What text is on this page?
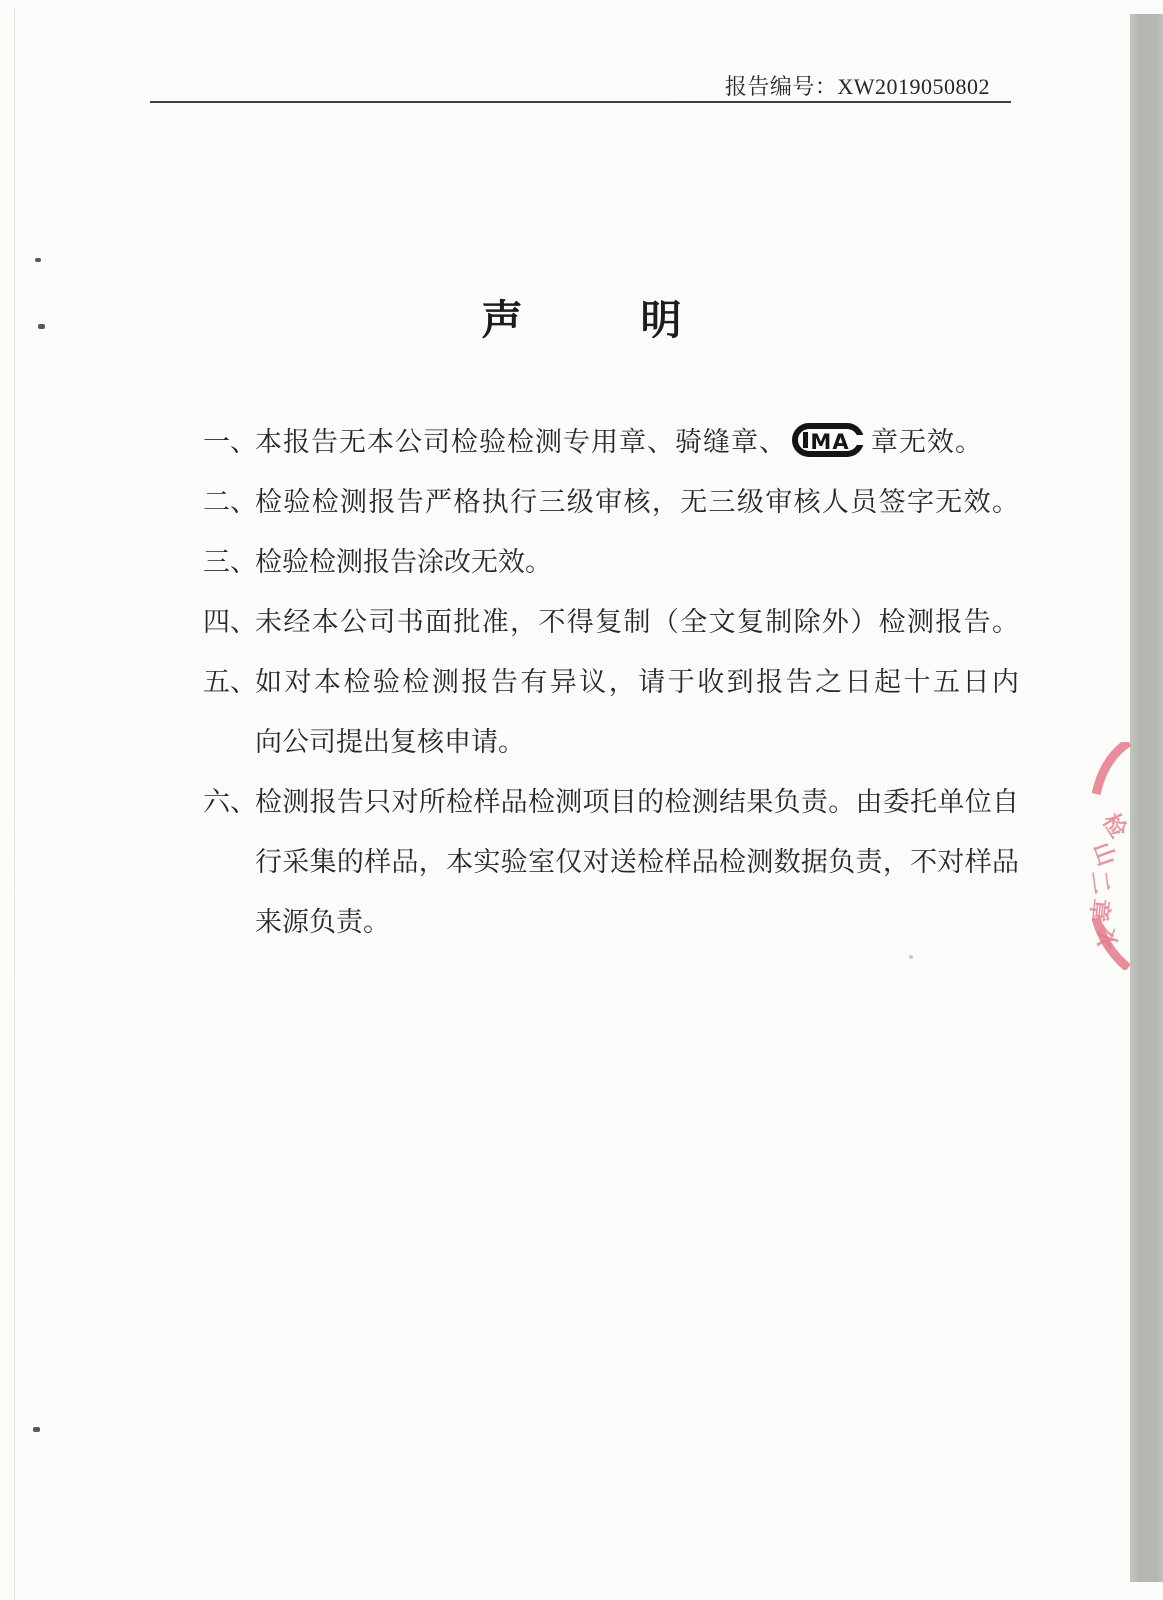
报告编号：XW2019050802
声	明
一、
本报告无本公司检验检测专用章、骑缝章、 MA 章无效。
二、
检验检测报告严格执行三级审核，无三级审核人员签字无效。
三、
检验检测报告涂改无效。
四、
未经本公司书面批准，不得复制（全文复制除外）检测报告。
五、
如对本检验检测报告有异议，请于收到报告之日起十五日内
向公司提出复核申请。
六、
检测报告只对所检样品检测项目的检测结果负责。由委托单位自
行采集的样品，本实验室仅对送检样品检测数据负责，不对样品
来源负责。
检
山
二
章
水
